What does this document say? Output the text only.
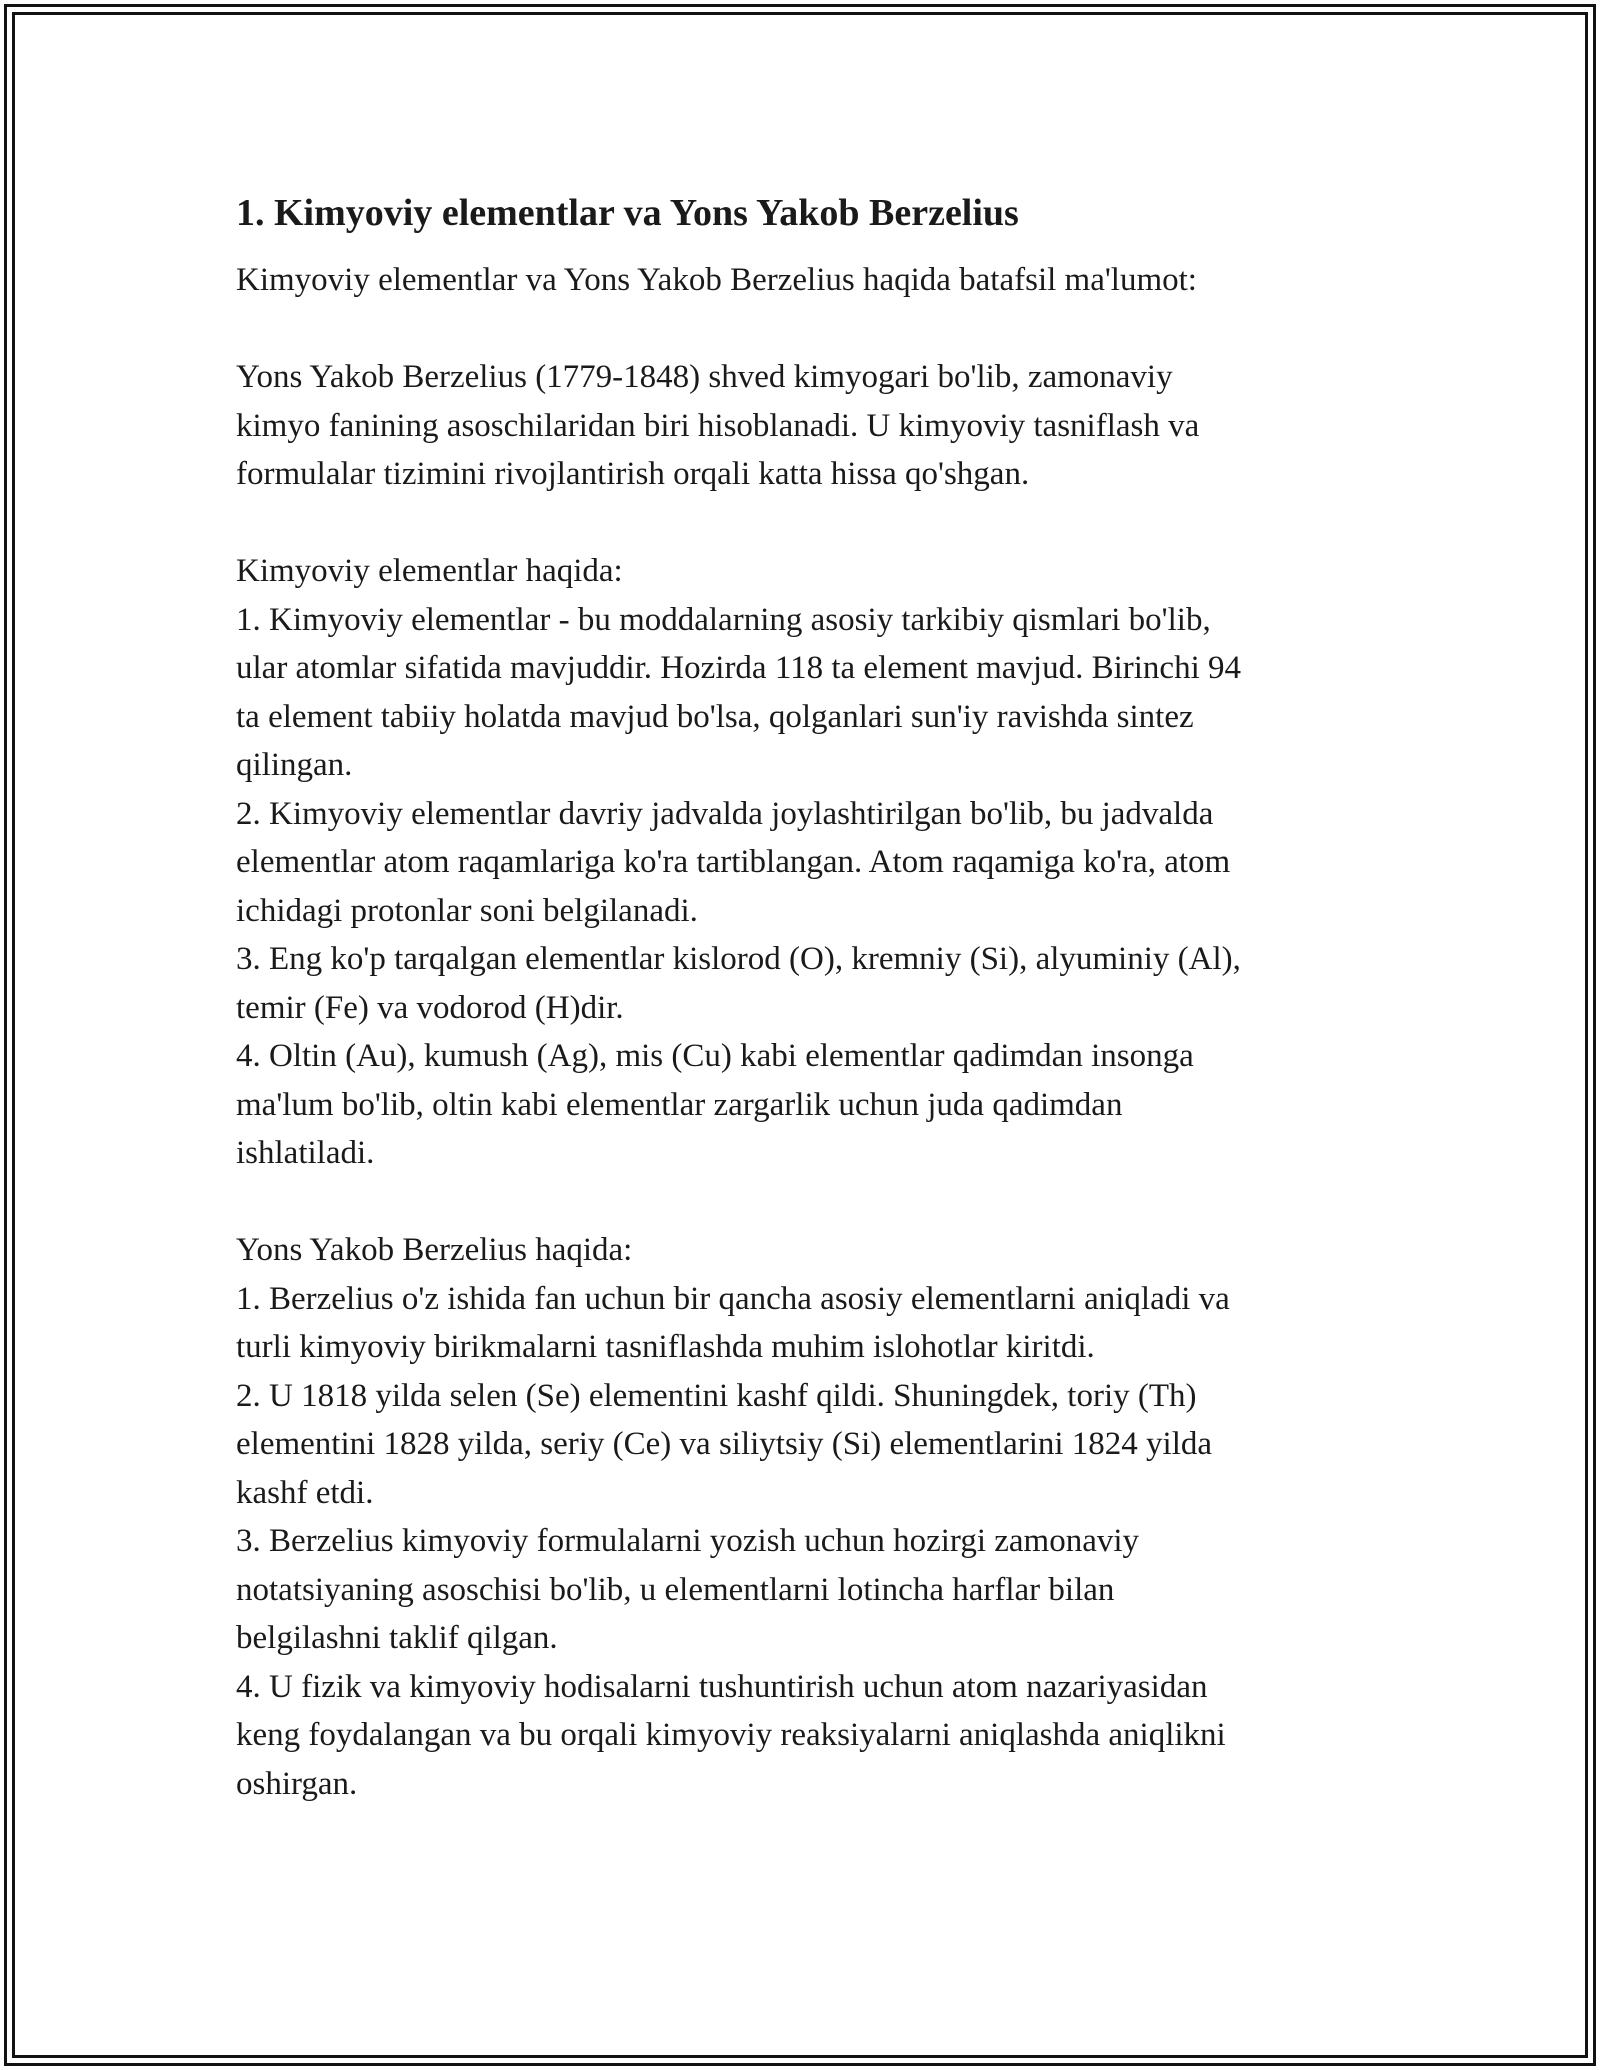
1. Kimyoviy elementlar va Yons Yakob Berzelius
Kimyoviy elementlar va Yons Yakob Berzelius haqida batafsil ma'lumot:
Yons Yakob Berzelius (1779-1848) shved kimyogari bo'lib, zamonaviy
kimyo fanining asoschilaridan biri hisoblanadi. U kimyoviy tasniflash va
formulalar tizimini rivojlantirish orqali katta hissa qo'shgan.
Kimyoviy elementlar haqida:
1. Kimyoviy elementlar - bu moddalarning asosiy tarkibiy qismlari bo'lib,
ular atomlar sifatida mavjuddir. Hozirda 118 ta element mavjud. Birinchi 94
ta element tabiiy holatda mavjud bo'lsa, qolganlari sun'iy ravishda sintez
qilingan.
2. Kimyoviy elementlar davriy jadvalda joylashtirilgan bo'lib, bu jadvalda
elementlar atom raqamlariga ko'ra tartiblangan. Atom raqamiga ko'ra, atom
ichidagi protonlar soni belgilanadi.
3. Eng ko'p tarqalgan elementlar kislorod (O), kremniy (Si), alyuminiy (Al),
temir (Fe) va vodorod (H)dir.
4. Oltin (Au), kumush (Ag), mis (Cu) kabi elementlar qadimdan insonga
ma'lum bo'lib, oltin kabi elementlar zargarlik uchun juda qadimdan
ishlatiladi.
Yons Yakob Berzelius haqida:
1. Berzelius o'z ishida fan uchun bir qancha asosiy elementlarni aniqladi va
turli kimyoviy birikmalarni tasniflashda muhim islohotlar kiritdi.
2. U 1818 yilda selen (Se) elementini kashf qildi. Shuningdek, toriy (Th)
elementini 1828 yilda, seriy (Ce) va siliytsiy (Si) elementlarini 1824 yilda
kashf etdi.
3. Berzelius kimyoviy formulalarni yozish uchun hozirgi zamonaviy
notatsiyaning asoschisi bo'lib, u elementlarni lotincha harflar bilan
belgilashni taklif qilgan.
4. U fizik va kimyoviy hodisalarni tushuntirish uchun atom nazariyasidan
keng foydalangan va bu orqali kimyoviy reaksiyalarni aniqlashda aniqlikni
oshirgan.
